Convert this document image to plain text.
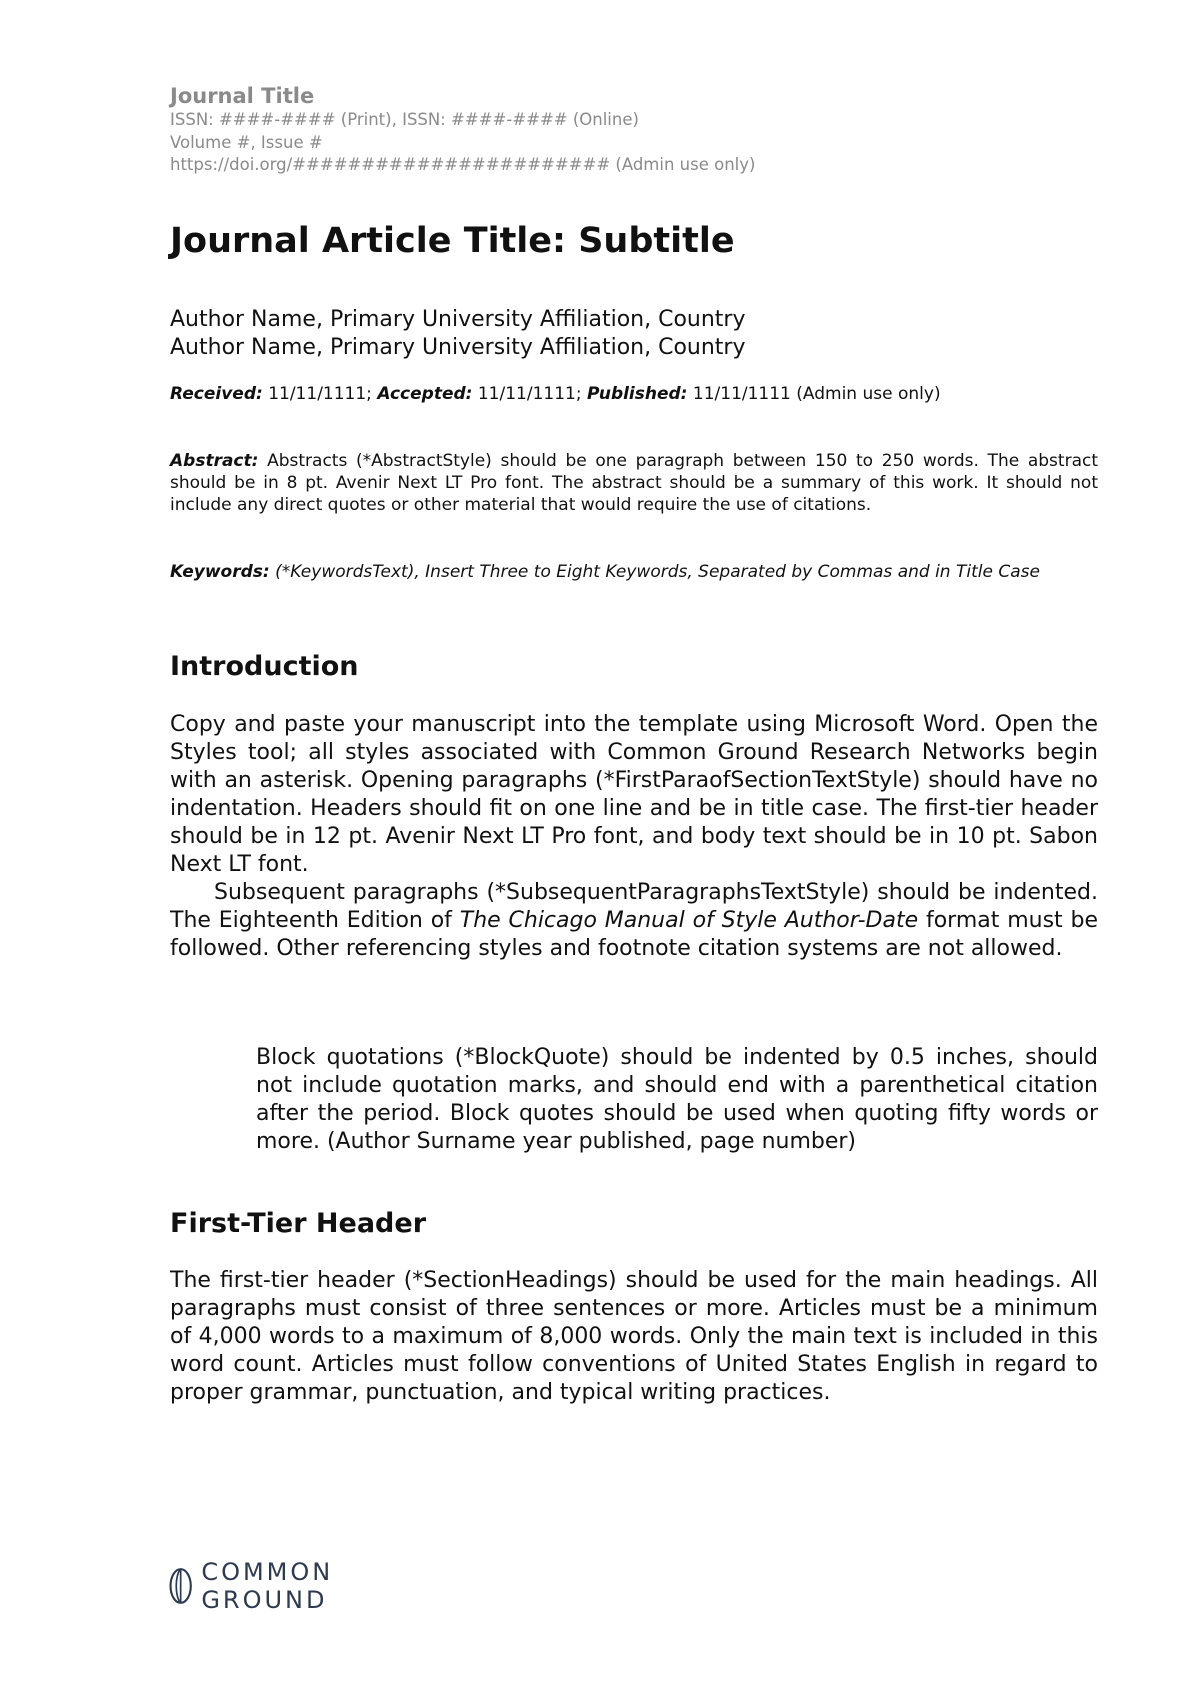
Journal Title
ISSN: ####-#### (Print), ISSN: ####-#### (Online)
Volume #, Issue #
https://doi.org/####################### (Admin use only)
Journal Article Title: Subtitle
Author Name, Primary University Affiliation, Country
Author Name, Primary University Affiliation, Country
Received: 11/11/1111; Accepted: 11/11/1111; Published: 11/11/1111 (Admin use only)
Abstract: Abstracts (*AbstractStyle) should be one paragraph between 150 to 250 words. The abstract should be in 8 pt. Avenir Next LT Pro font. The abstract should be a summary of this work. It should not include any direct quotes or other material that would require the use of citations.
Keywords: (*KeywordsText), Insert Three to Eight Keywords, Separated by Commas and in Title Case
Introduction

Copy and paste your manuscript into the template using Microsoft Word. Open the Styles tool; all styles associated with Common Ground Research Networks begin with an asterisk. Opening paragraphs (*FirstParaofSectionTextStyle) should have no indentation. Headers should fit on one line and be in title case. The first-tier header should be in 12 pt. Avenir Next LT Pro font, and body text should be in 10 pt. Sabon Next LT font.

Subsequent paragraphs (*SubsequentParagraphsTextStyle) should be indented. The Eighteenth Edition of The Chicago Manual of Style Author-Date format must be followed. Other referencing styles and footnote citation systems are not allowed.

Block quotations (*BlockQuote) should be indented by 0.5 inches, should not include quotation marks, and should end with a parenthetical citation after the period. Block quotes should be used when quoting fifty words or more. (Author Surname year published, page number)
First-Tier Header

The first-tier header (*SectionHeadings) should be used for the main headings. All paragraphs must consist of three sentences or more. Articles must be a minimum of 4,000 words to a maximum of 8,000 words. Only the main text is included in this word count. Articles must follow conventions of United States English in regard to proper grammar, punctuation, and typical writing practices.

COMMON GROUND
